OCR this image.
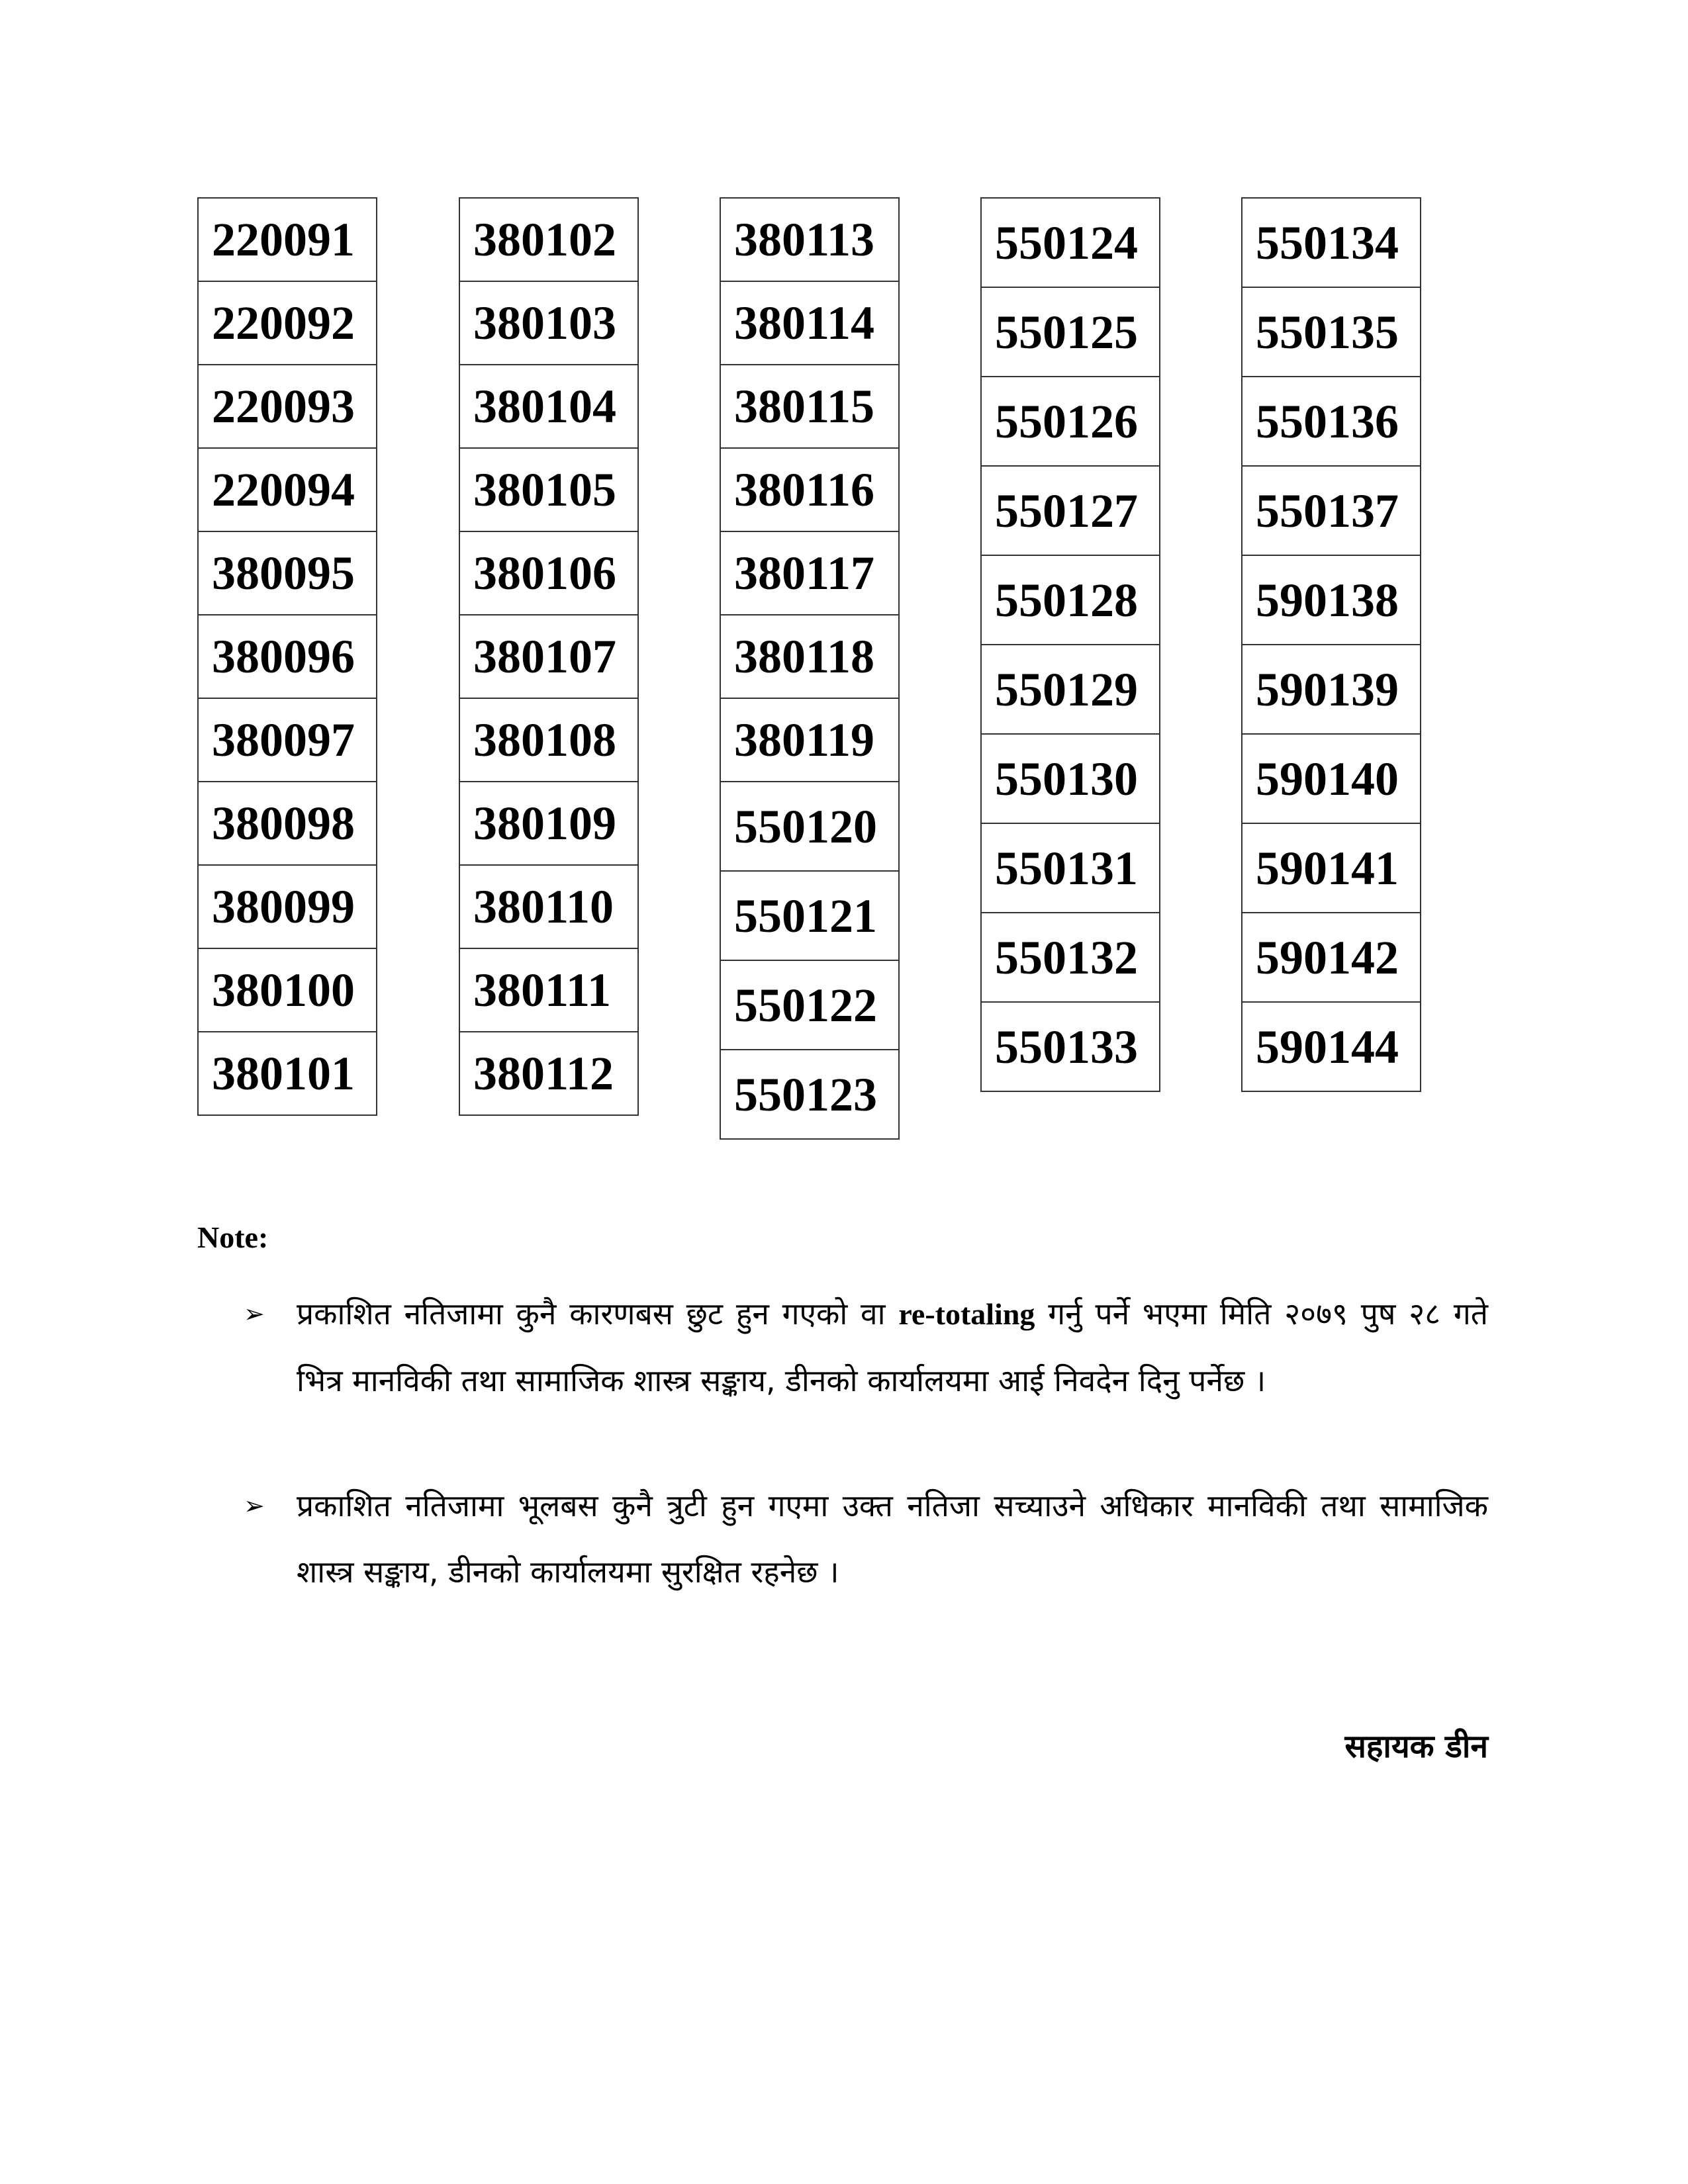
220091
220092
220093
220094
380095
380096
380097
380098
380099
380100
380101
380102
380103
380104
380105
380106
380107
380108
380109
380110
380111
380112
380113
380114
380115
380116
380117
380118
380119
550120
550121
550122
550123
550124
550125
550126
550127
550128
550129
550130
550131
550132
550133
550134
550135
550136
550137
590138
590139
590140
590141
590142
590144
Note:
➢ प्रकाशित नतिजामा कुनै कारणबस छुट हुन गएको वा re-totaling गर्नु पर्ने भएमा मिति २०७९ पुष २८ गते भित्र मानविकी तथा सामाजिक शास्त्र सङ्काय, डीनको कार्यालयमा आई निवदेन दिनु पर्नेछ ।
➢ प्रकाशित नतिजामा भूलबस कुनै त्रुटी हुन गएमा उक्त नतिजा सच्याउने अधिकार मानविकी तथा सामाजिक शास्त्र सङ्काय, डीनको कार्यालयमा सुरक्षित रहनेछ ।
सहायक डीन
